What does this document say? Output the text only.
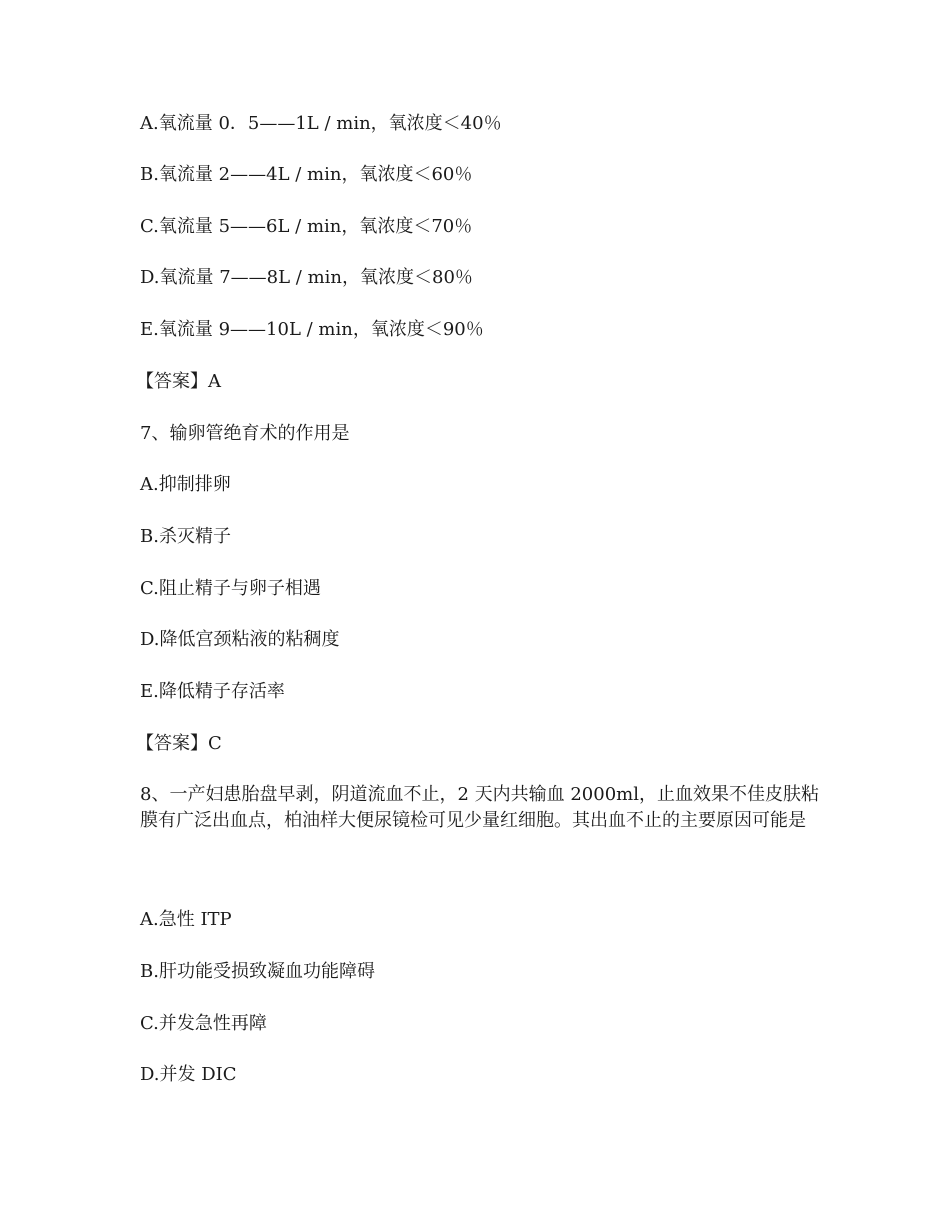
A.氧流量 0．5——1L / min，氧浓度＜40％
B.氧流量 2——4L / min，氧浓度＜60％
C.氧流量 5——6L / min，氧浓度＜70％
D.氧流量 7——8L / min，氧浓度＜80％
E.氧流量 9——10L / min，氧浓度＜90％
【答案】A
7、输卵管绝育术的作用是
A.抑制排卵
B.杀灭精子
C.阻止精子与卵子相遇
D.降低宫颈粘液的粘稠度
E.降低精子存活率
【答案】C
8、一产妇患胎盘早剥，阴道流血不止，2 天内共输血 2000ml，止血效果不佳皮肤粘膜有广泛出血点，柏油样大便尿镜检可见少量红细胞。其出血不止的主要原因可能是
A.急性 ITP
B.肝功能受损致凝血功能障碍
C.并发急性再障
D.并发 DIC
